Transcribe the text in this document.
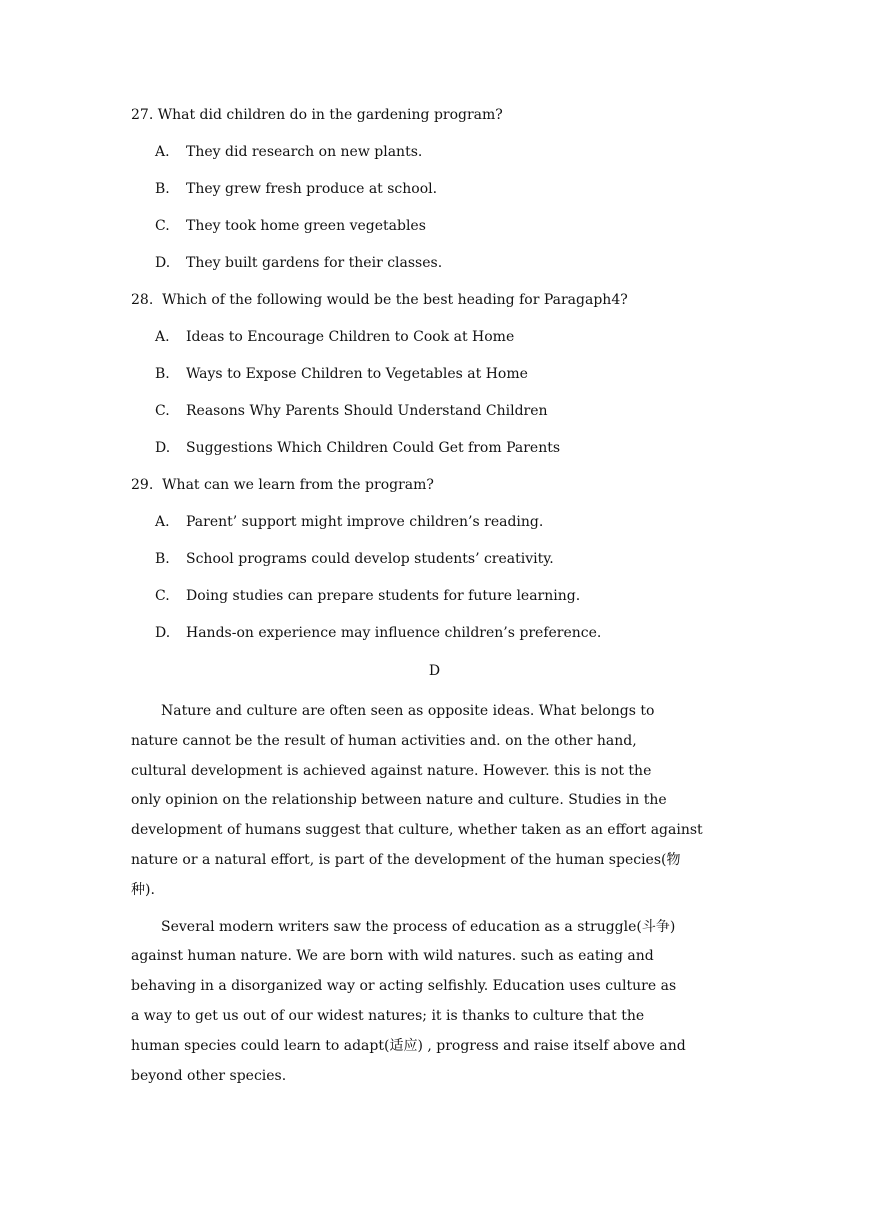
27. What did children do in the gardening program?
A. They did research on new plants.
B. They grew fresh produce at school.
C. They took home green vegetables
D. They built gardens for their classes.
28.  Which of the following would be the best heading for Paragaph4?
A. Ideas to Encourage Children to Cook at Home
B. Ways to Expose Children to Vegetables at Home
C. Reasons Why Parents Should Understand Children
D. Suggestions Which Children Could Get from Parents
29.  What can we learn from the program?
A. Parent’ support might improve children’s reading.
B. School programs could develop students’ creativity.
C. Doing studies can prepare students for future learning.
D. Hands-on experience may influence children’s preference.
D

Nature and culture are often seen as opposite ideas. What belongs to
nature cannot be the result of human activities and. on the other hand,
cultural development is achieved against nature. However. this is not the
only opinion on the relationship between nature and culture. Studies in the
development of humans suggest that culture, whether taken as an effort against
nature or a natural effort, is part of the development of the human species(物
种).

Several modern writers saw the process of education as a struggle(斗争)
against human nature. We are born with wild natures. such as eating and
behaving in a disorganized way or acting selfishly. Education uses culture as
a way to get us out of our widest natures; it is thanks to culture that the
human species could learn to adapt(适应) , progress and raise itself above and
beyond other species.
